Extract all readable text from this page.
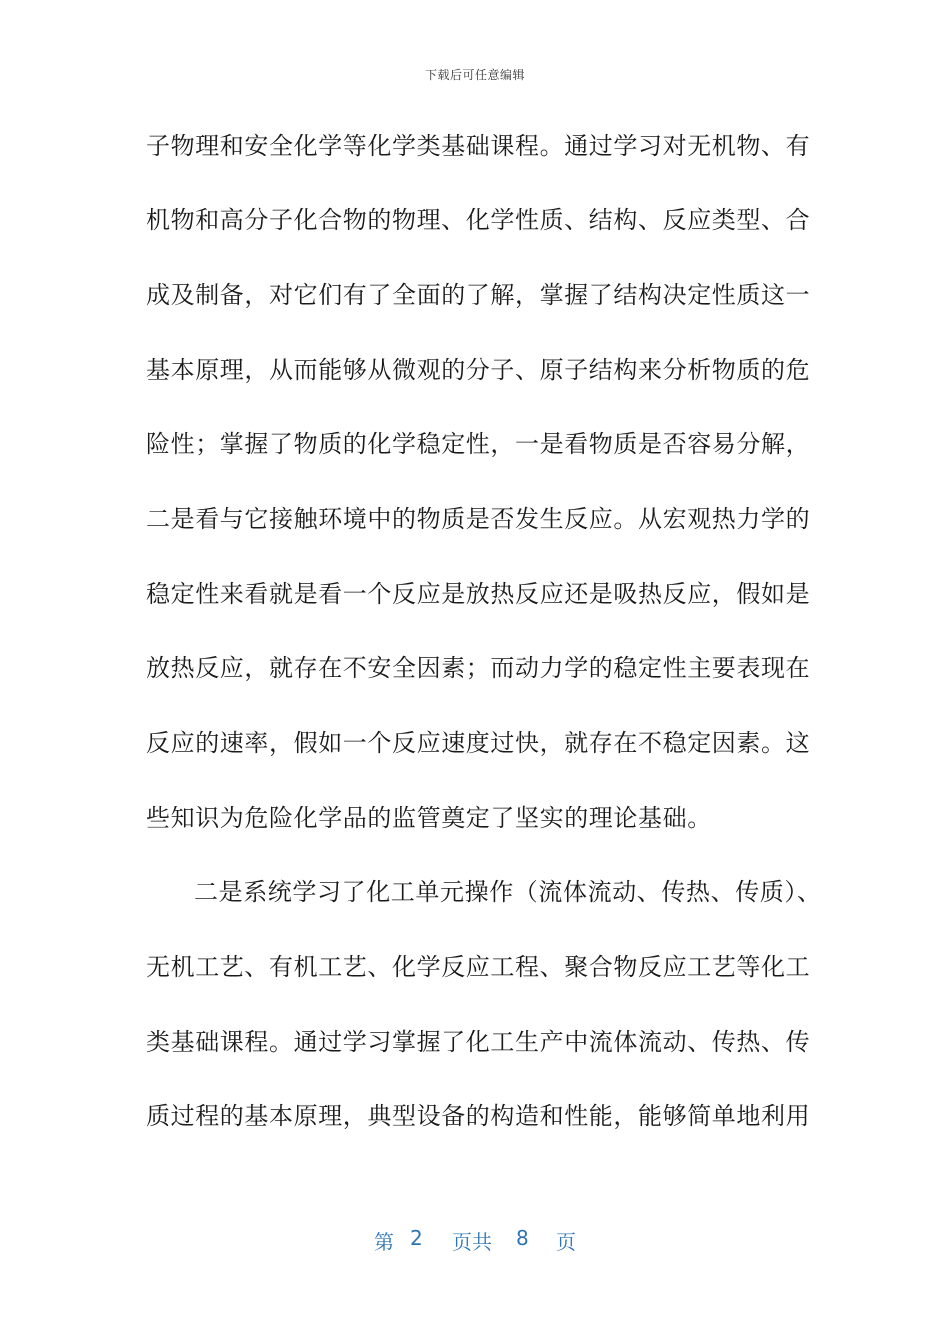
下载后可任意编辑
子物理和安全化学等化学类基础课程。通过学习对无机物、有
机物和高分子化合物的物理、化学性质、结构、反应类型、合
成及制备，对它们有了全面的了解，掌握了结构决定性质这一
基本原理，从而能够从微观的分子、原子结构来分析物质的危
险性；掌握了物质的化学稳定性，一是看物质是否容易分解，
二是看与它接触环境中的物质是否发生反应。从宏观热力学的
稳定性来看就是看一个反应是放热反应还是吸热反应，假如是
放热反应，就存在不安全因素；而动力学的稳定性主要表现在
反应的速率，假如一个反应速度过快，就存在不稳定因素。这
些知识为危险化学品的监管奠定了坚实的理论基础。
二是系统学习了化工单元操作（流体流动、传热、传质）、
无机工艺、有机工艺、化学反应工程、聚合物反应工艺等化工
类基础课程。通过学习掌握了化工生产中流体流动、传热、传
质过程的基本原理，典型设备的构造和性能，能够简单地利用
第 2 页共 8 页
